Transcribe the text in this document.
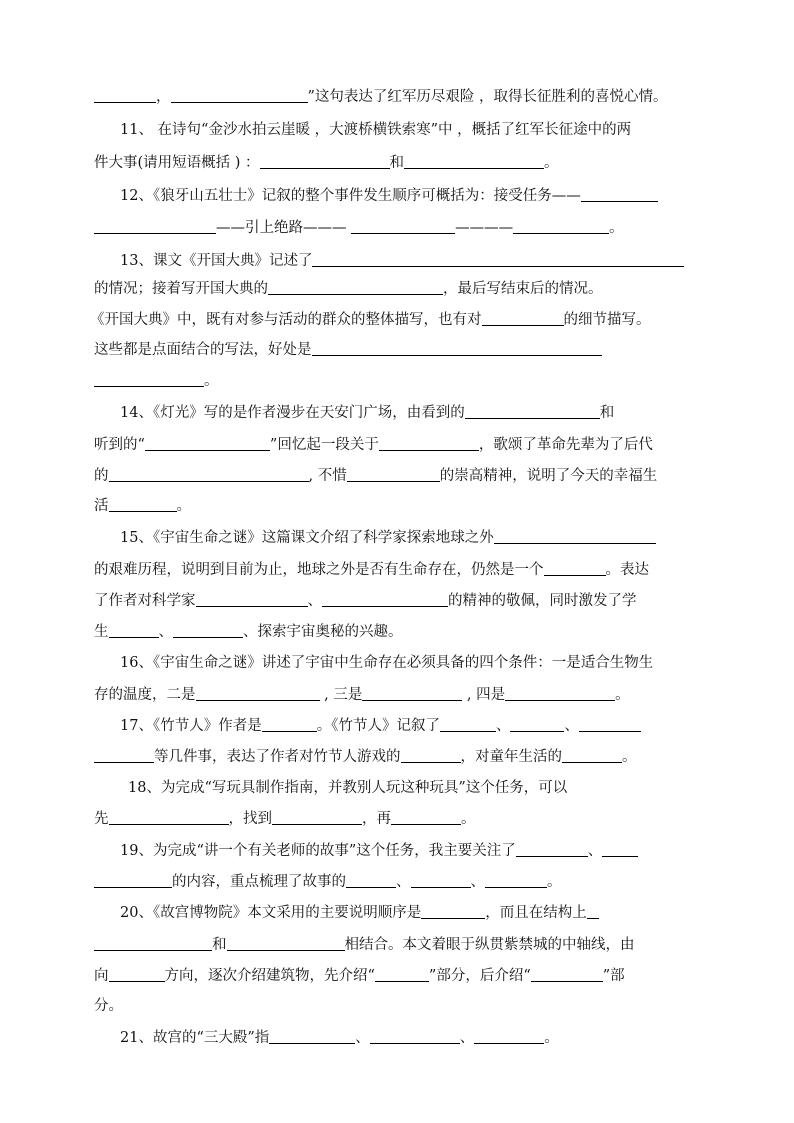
，	”这句表达了红军历尽艰险 ，取得长征胜利的喜悦心情。
11、 在诗句“金沙水拍云崖暖 ，大渡桥横铁索寒”中 ，概括了红军长征途中的两
件大事(请用短语概括 ) ：	和	。
12、《狼牙山五壮士》记叙的整个事件发生顺序可概括为：接受任务——
——引上绝路———	————	。
13、课文《开国大典》记述了
的情况；接着写开国大典的	，最后写结束后的情况。
《开国大典》中，既有对参与活动的群众的整体描写，也有对	的细节描写。
这些都是点面结合的写法，好处是
。
14、《灯光》写的是作者漫步在天安门广场，由看到的	和
听到的“	”回忆起一段关于	，歌颂了革命先辈为了后代
的	, 不惜	的崇高精神，说明了今天的幸福生
活	。
15、《宇宙生命之谜》这篇课文介绍了科学家探索地球之外
的艰难历程，说明到目前为止，地球之外是否有生命存在，仍然是一个	。表达
了作者对科学家	、	的精神的敬佩，同时激发了学
生	、	、探索宇宙奥秘的兴趣。
16、《宇宙生命之谜》讲述了宇宙中生命存在必须具备的四个条件：一是适合生物生
存的温度，二是	, 三是	, 四是	。
17、《竹节人》作者是	。《竹节人》记叙了	、	、
等几件事，表达了作者对竹节人游戏的	，对童年生活的	。
18、为完成“写玩具制作指南，并教别人玩这种玩具”这个任务，可以
先	，找到	，再	。
19、为完成“讲一个有关老师的故事”这个任务，我主要关注了	、
的内容，重点梳理了故事的	、	、	。
20、《故宫博物院》本文采用的主要说明顺序是	，而且在结构上
和	相结合。本文着眼于纵贯紫禁城的中轴线，由
向	方向，逐次介绍建筑物，先介绍“	”部分，后介绍“	”部
分。
21、故宫的“三大殿”指	、	、	。
